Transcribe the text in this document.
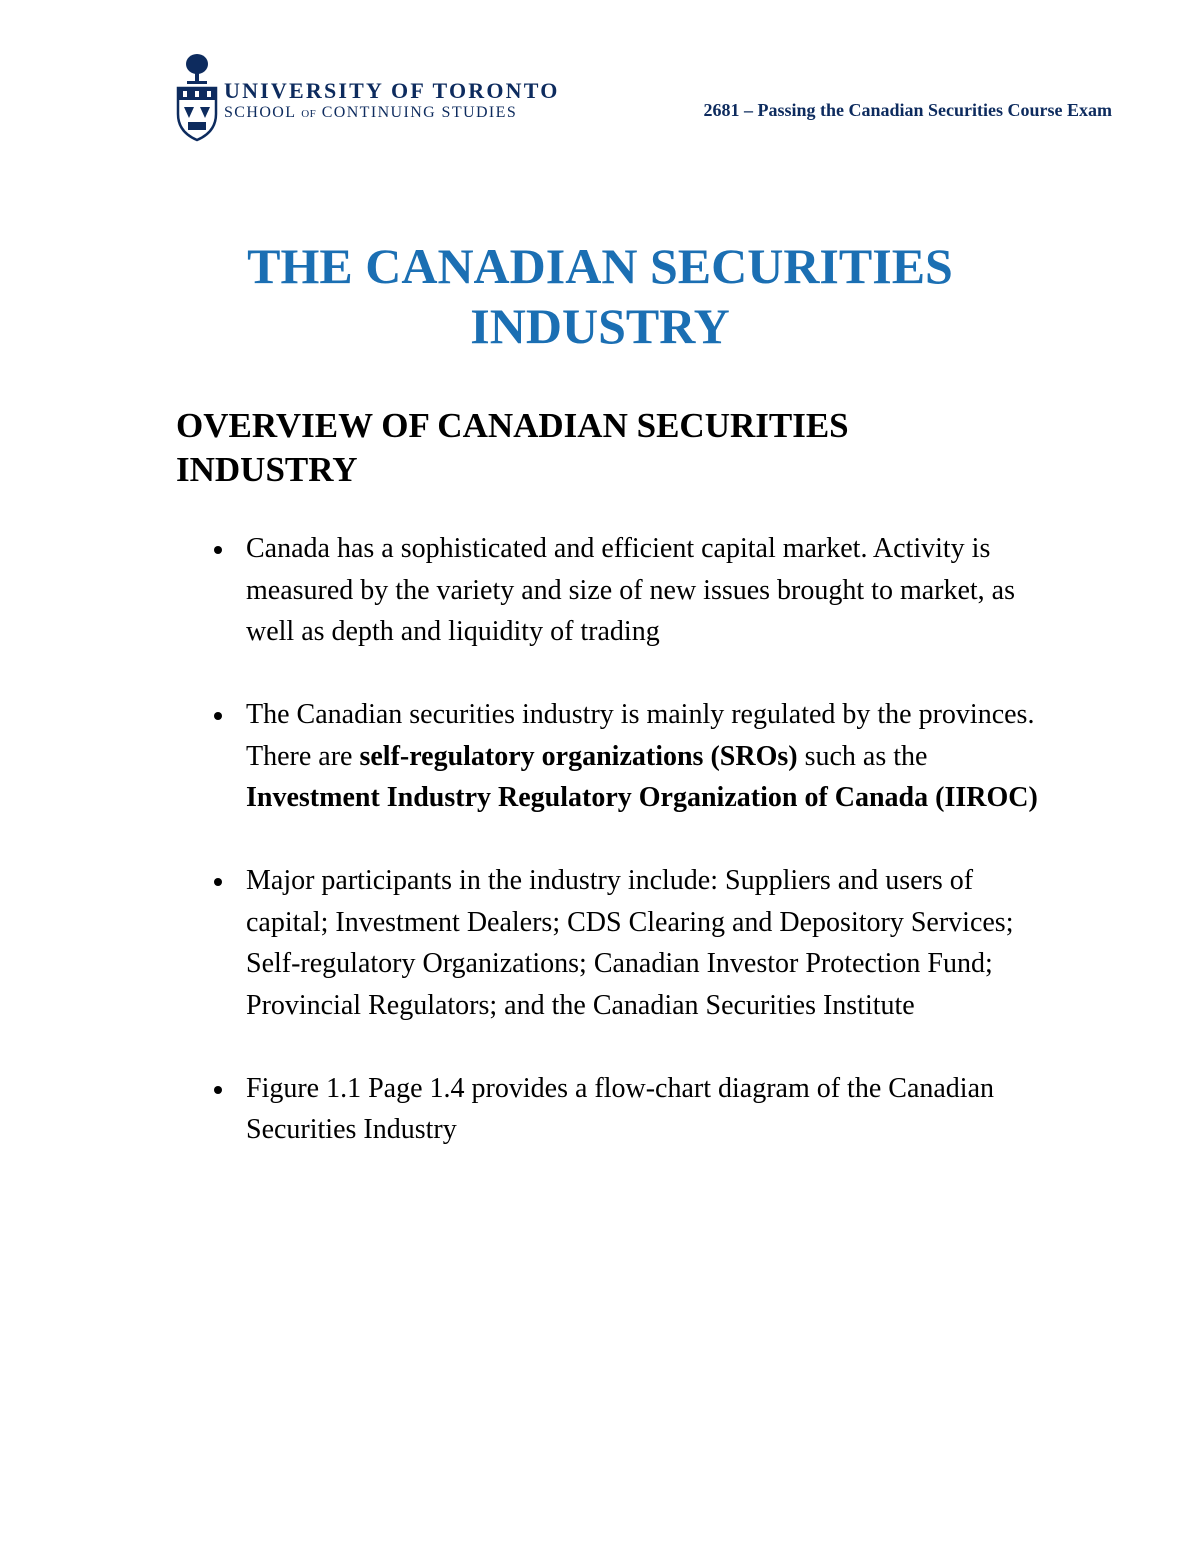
UNIVERSITY OF TORONTO
SCHOOL OF CONTINUING STUDIES	2681 – Passing the Canadian Securities Course Exam
THE CANADIAN SECURITIES
INDUSTRY
OVERVIEW OF CANADIAN SECURITIES
INDUSTRY
Canada has a sophisticated and efficient capital market. Activity is measured by the variety and size of new issues brought to market, as well as depth and liquidity of trading
The Canadian securities industry is mainly regulated by the provinces. There are self-regulatory organizations (SROs) such as the Investment Industry Regulatory Organization of Canada (IIROC)
Major participants in the industry include: Suppliers and users of capital; Investment Dealers; CDS Clearing and Depository Services; Self-regulatory Organizations; Canadian Investor Protection Fund; Provincial Regulators; and the Canadian Securities Institute
Figure 1.1 Page 1.4 provides a flow-chart diagram of the Canadian Securities Industry
